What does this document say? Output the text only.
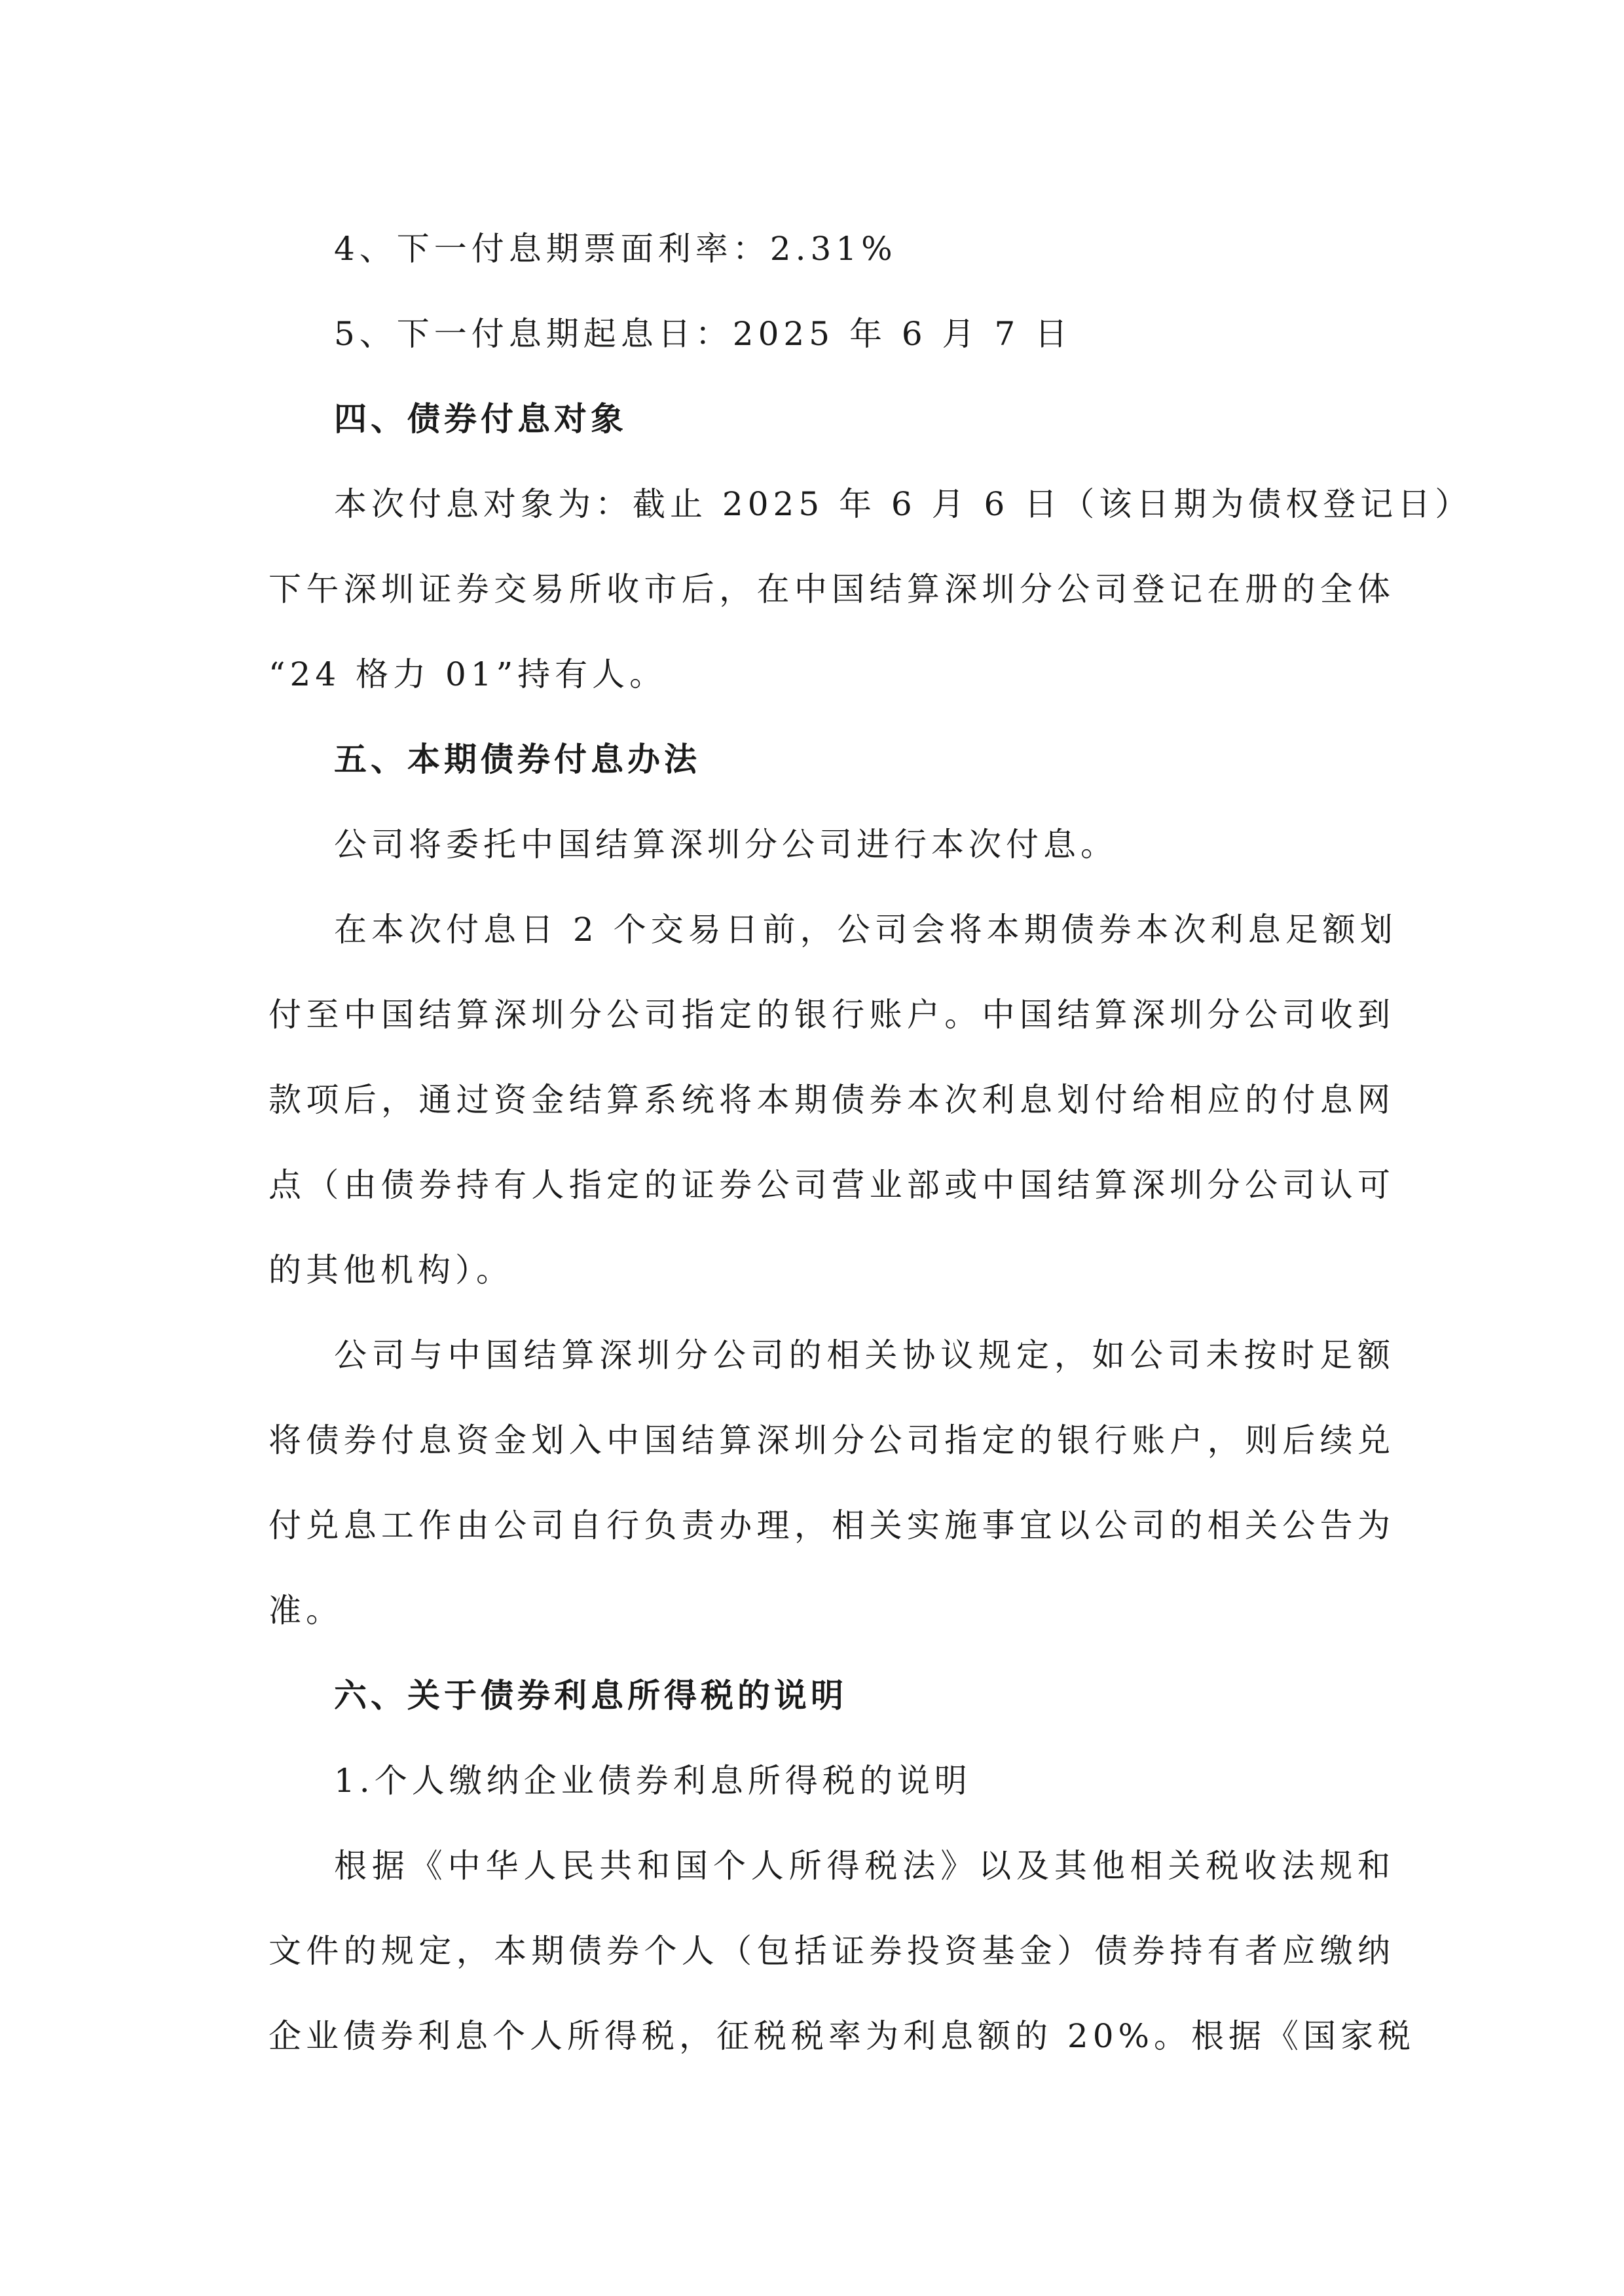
4、下一付息期票面利率：2.31%
5、下一付息期起息日：2025 年 6 月 7 日
四、债券付息对象
本次付息对象为：截止 2025 年 6 月 6 日（该日期为债权登记日）
下午深圳证券交易所收市后，在中国结算深圳分公司登记在册的全体
“24 格力 01”持有人。
五、本期债券付息办法
公司将委托中国结算深圳分公司进行本次付息。
在本次付息日 2 个交易日前，公司会将本期债券本次利息足额划
付至中国结算深圳分公司指定的银行账户。中国结算深圳分公司收到
款项后，通过资金结算系统将本期债券本次利息划付给相应的付息网
点（由债券持有人指定的证券公司营业部或中国结算深圳分公司认可
的其他机构）。
公司与中国结算深圳分公司的相关协议规定，如公司未按时足额
将债券付息资金划入中国结算深圳分公司指定的银行账户，则后续兑
付兑息工作由公司自行负责办理，相关实施事宜以公司的相关公告为
准。
六、关于债券利息所得税的说明
1.个人缴纳企业债券利息所得税的说明
根据《中华人民共和国个人所得税法》以及其他相关税收法规和
文件的规定，本期债券个人（包括证券投资基金）债券持有者应缴纳
企业债券利息个人所得税，征税税率为利息额的 20%。根据《国家税
